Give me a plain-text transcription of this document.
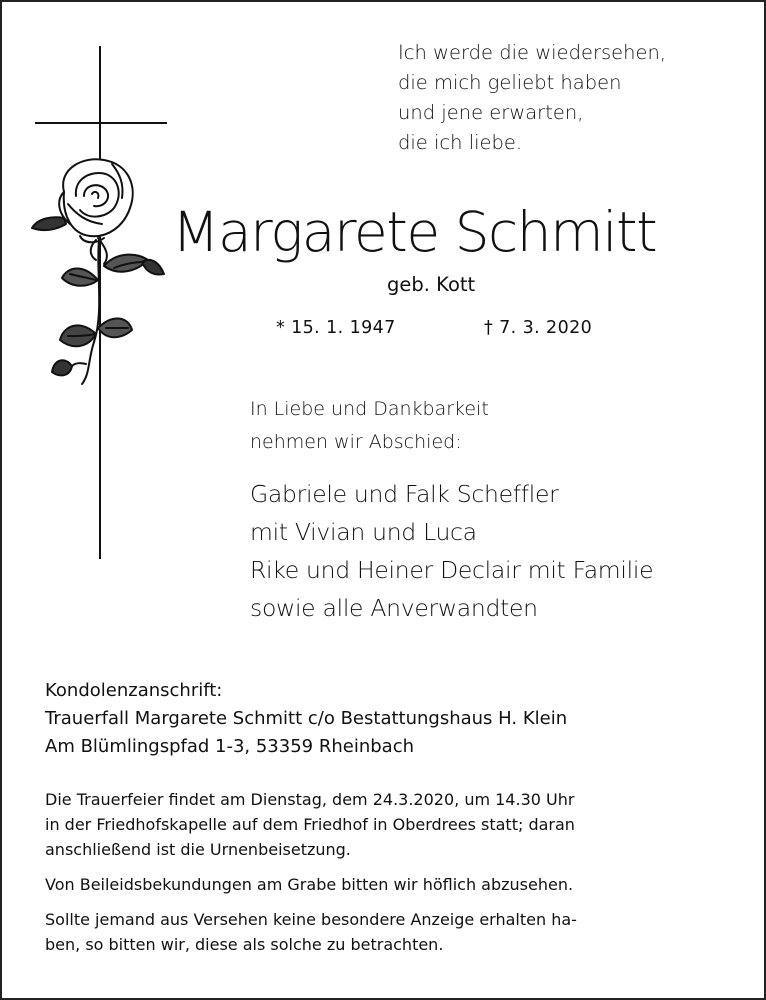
Ich werde die wiedersehen,
die mich geliebt haben
und jene erwarten,
die ich liebe.
Margarete Schmitt
geb. Kott
* 15. 1. 1947	† 7. 3. 2020
In Liebe und Dankbarkeit
nehmen wir Abschied:
Gabriele und Falk Scheffler
mit Vivian und Luca
Rike und Heiner Declair mit Familie
sowie alle Anverwandten
Kondolenzanschrift:
Trauerfall Margarete Schmitt c/o Bestattungshaus H. Klein
Am Blümlingspfad 1-3, 53359 Rheinbach
Die Trauerfeier findet am Dienstag, dem 24.3.2020, um 14.30 Uhr
in der Friedhofskapelle auf dem Friedhof in Oberdrees statt; daran
anschließend ist die Urnenbeisetzung.
Von Beileidsbekundungen am Grabe bitten wir höflich abzusehen.
Sollte jemand aus Versehen keine besondere Anzeige erhalten ha-
ben, so bitten wir, diese als solche zu betrachten.
